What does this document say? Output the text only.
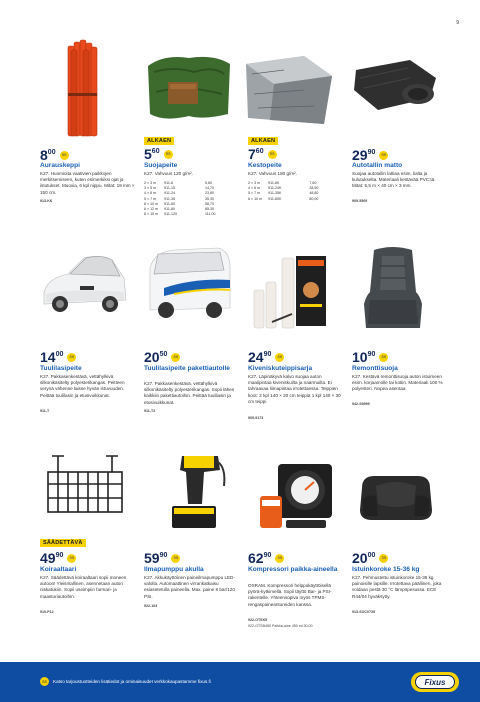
9
$8^{00}$	SS
Aurauskeppi
K27. Huomioita vaativien paikkojen merkitsemiseen, kuten esimerkiksi ojat ja istutukset. Muovia, 6 kpl nippu. Mitat: 19 mm × 150 cm.
913-KK
ALKAEN
$5^{60}$	SS
Suojapeite
K27. Vahvuus 120 g/m².
2 × 3 m	911-6	5,60
3 × 5 m	911-15	14,70
4 × 6 m	911-24	23,80
5 × 7 m	911-35	35,30
6 × 10 m	911-60	58,70
6 × 12 m	911-80	85,30
8 × 15 m	911-120	111,00
ALKAEN
$7^{60}$	SS
Kestopeite
K27. Vahvuus 180 g/m².
2 × 3 m	911-6K	7,60
4 × 6 m	911-24K	28,50
5 × 7 m	911-35K	48,80
6 × 10 m	911-60K	80,00
$29^{90}$	SS
Autotallin matto
Suojaa autotallin lattiaa esim. lialta ja kulutukselta. Materiaali kestävää PVC:tä. Mitat: 5,5 m × 40 cm × 3 mm.
909-5569
$14^{00}$	SS
Tuulilasipeite
K27. Pakkasenkestävä, vettähylkivä silkonikäsitelty polyesterikangas. Peitteen verynä vähenne laisse hyvän istuvuuden. Peittää tuulilasin ja etusivuikkunat.
911-T
$20^{50}$	SS
Tuulilasipeite pakettiautolle
K27. Pakkasenkestävä, vettähylkivä silkonikäsitelty polyesterikangas. Sopii lähes kaikkiin pakettiautoihin. Peittää tuulilasin ja etusivuikkunat.
911-T2
$24^{90}$	SS
Kiveniskuteippisarja
K27. Läpinäkyvä kalvo suojaa auton maalipintaa kiveniskuilta ja naarmuilta. Ei tahraavaa liimapintaa irrotettaessa. Teippien koot: 2 kpl 140 × 20 cm teippiä 1 kpl 140 × 30 cm teippi
909-9173
$10^{90}$	SS
Remonttisuoja
K27. Kestävä remonttisuoja auton istuimeen esim. korjaamolle tai kotiin. Materiaali 100 % polyesteri. Nopea asentaa.
942-S9999
SÄÄDETTÄVÄ
$49^{90}$	SS
Koiraaltaari
K27. Säädettävä koiraaltaari sopii moneen autoon! Yleismallinen, asennetaan auton niskatukiin. Sopii useimpiin farmari- ja maasturiautoihin.
910-P12
$59^{90}$	SS
Ilmapumppu akulla
K27. Akkukäyttöinen paineilmapumppu LED-valolla. Automaattinen virrankatkaisu esiasetetulla paineella. Max. paine 8 bar/120 PSI.
922-103
$62^{90}$	SS
Kompressori paikka-aineella
OSRAM. Kompressori helppokäyttöisellä pyörä-kytkimellä. Sopii täyttö Bar- ja PSI-rakentelle. Yhteensopiva myös TPMS-rengaspaineantureiden kanssa.
922-OTSK5
922-OTSB450 Paikka-aine 450 ml 30,00
$20^{00}$	SS
Istuinkoroke 15-36 kg
K27. Pehmustettu istuinkoroke 15-36 kg painoisille lapsille. Irrotettava päällinen, joka voidaan pestä 30 °C lämpöpesussa. ECE R44/04 hyväksytty.
913-SOC0735
SS	Katso tarjoustuotteiden lisätiedot ja ominaisuudet verkkokaupastamme fixus.fi	Fixus
